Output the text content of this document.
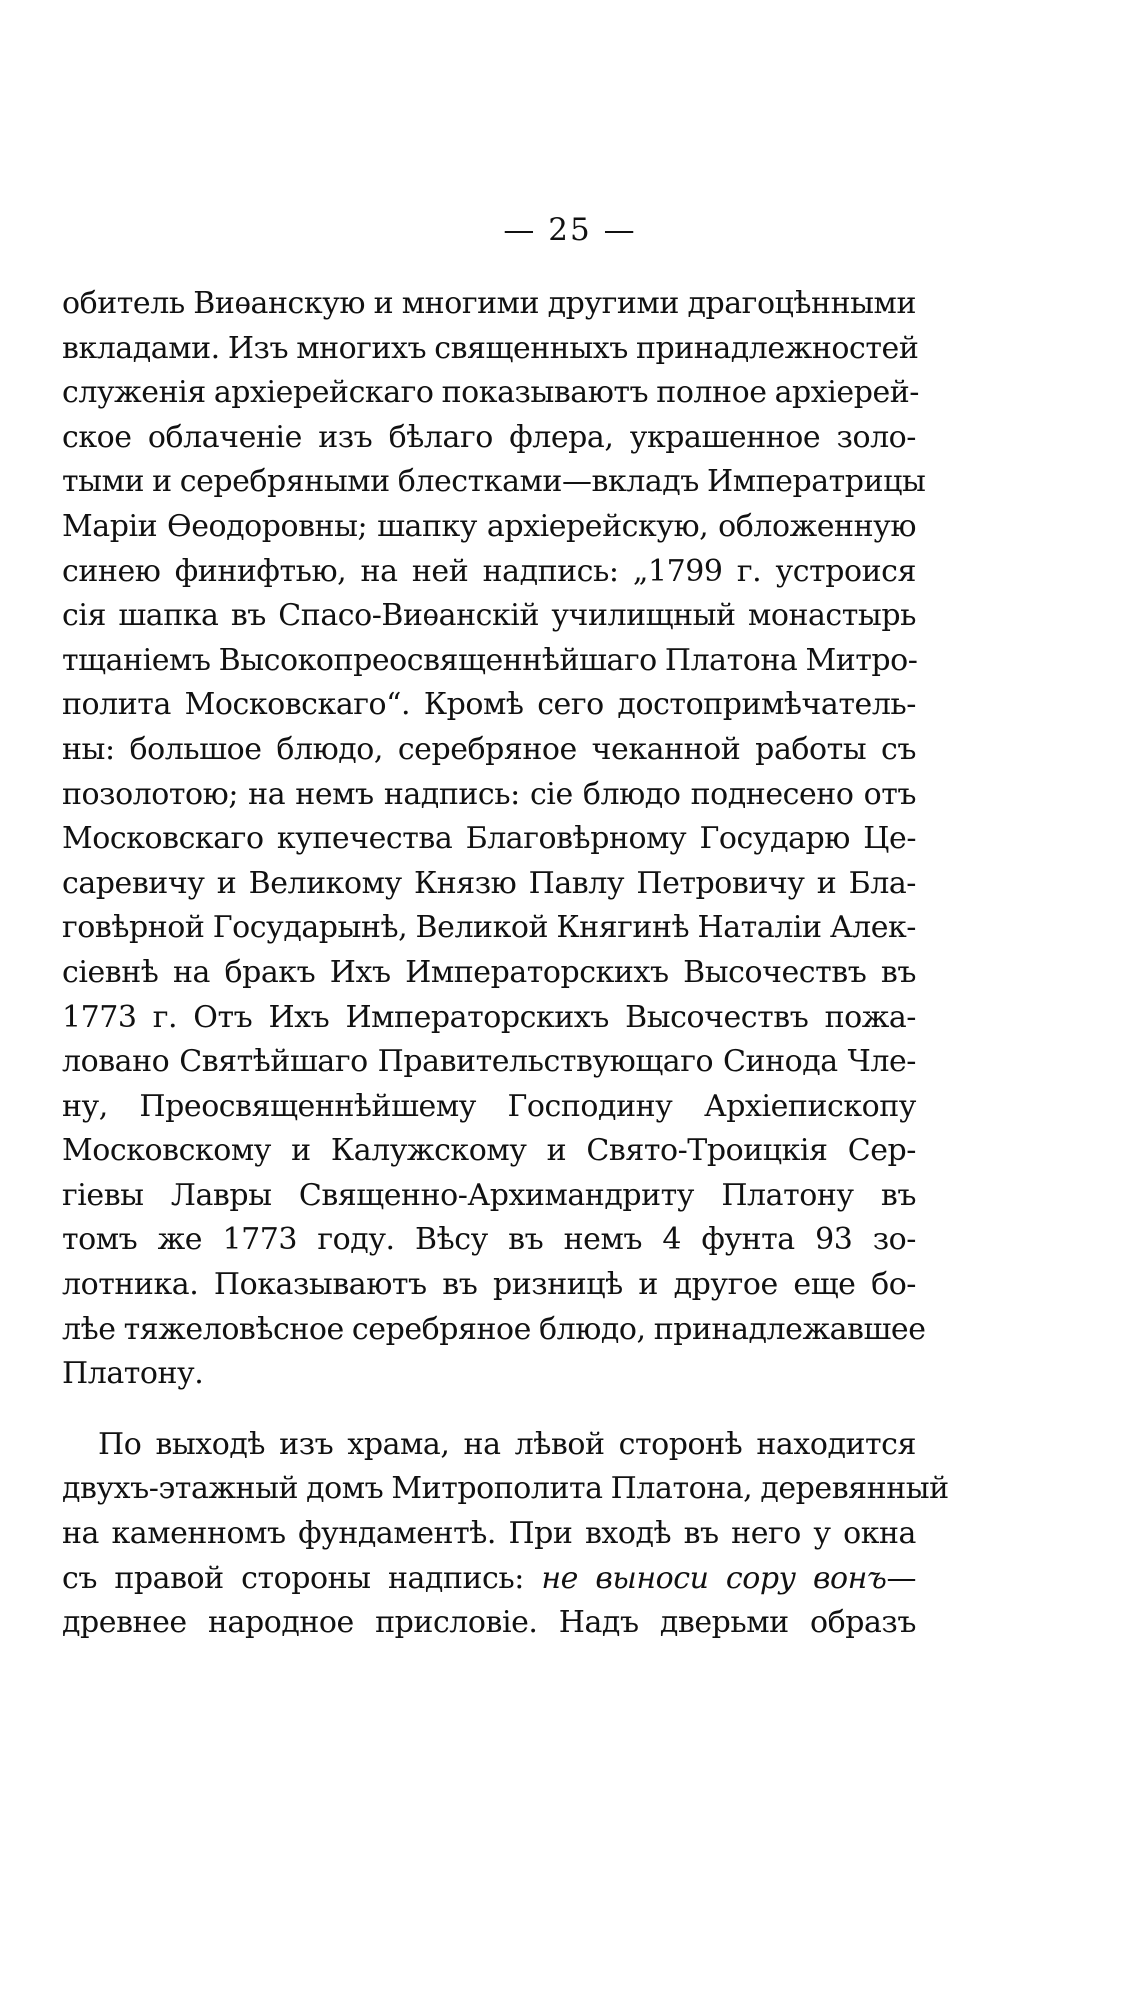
— 25 —
обитель Виѳанскую и многими другими драгоцѣнными
вкладами. Изъ многихъ священныхъ принадлежностей
служенія архіерейскаго показываютъ полное архіерей-
ское облаченіе изъ бѣлаго флера, украшенное золо-
тыми и серебряными блестками—вкладъ Императрицы
Маріи Ѳеодоровны; шапку архіерейскую, обложенную
синею финифтью, на ней надпись: „1799 г. устроися
сія шапка въ Спасо-Виѳанскій училищный монастырь
тщаніемъ Высокопреосвященнѣйшаго Платона Митро-
полита Московскаго“. Кромѣ сего достопримѣчатель-
ны: большое блюдо, серебряное чеканной работы съ
позолотою; на немъ надпись: сіе блюдо поднесено отъ
Московскаго купечества Благовѣрному Государю Це-
саревичу и Великому Князю Павлу Петровичу и Бла-
говѣрной Государынѣ, Великой Княгинѣ Наталіи Алек-
сіевнѣ на бракъ Ихъ Императорскихъ Высочествъ въ
1773 г. Отъ Ихъ Императорскихъ Высочествъ пожа-
ловано Святѣйшаго Правительствующаго Синода Чле-
ну, Преосвященнѣйшему Господину Архіепископу
Московскому и Калужскому и Свято-Троицкія Сер-
гіевы Лавры Священно-Архимандриту Платону въ
томъ же 1773 году. Вѣсу въ немъ 4 фунта 93 зо-
лотника. Показываютъ въ ризницѣ и другое еще бо-
лѣе тяжеловѣсное серебряное блюдо, принадлежавшее
Платону.
По выходѣ изъ храма, на лѣвой сторонѣ находится
двухъ-этажный домъ Митрополита Платона, деревянный
на каменномъ фундаментѣ. При входѣ въ него у окна
съ правой стороны надпись: не выноси сору вонъ—
древнее народное присловіе. Надъ дверьми образъ
